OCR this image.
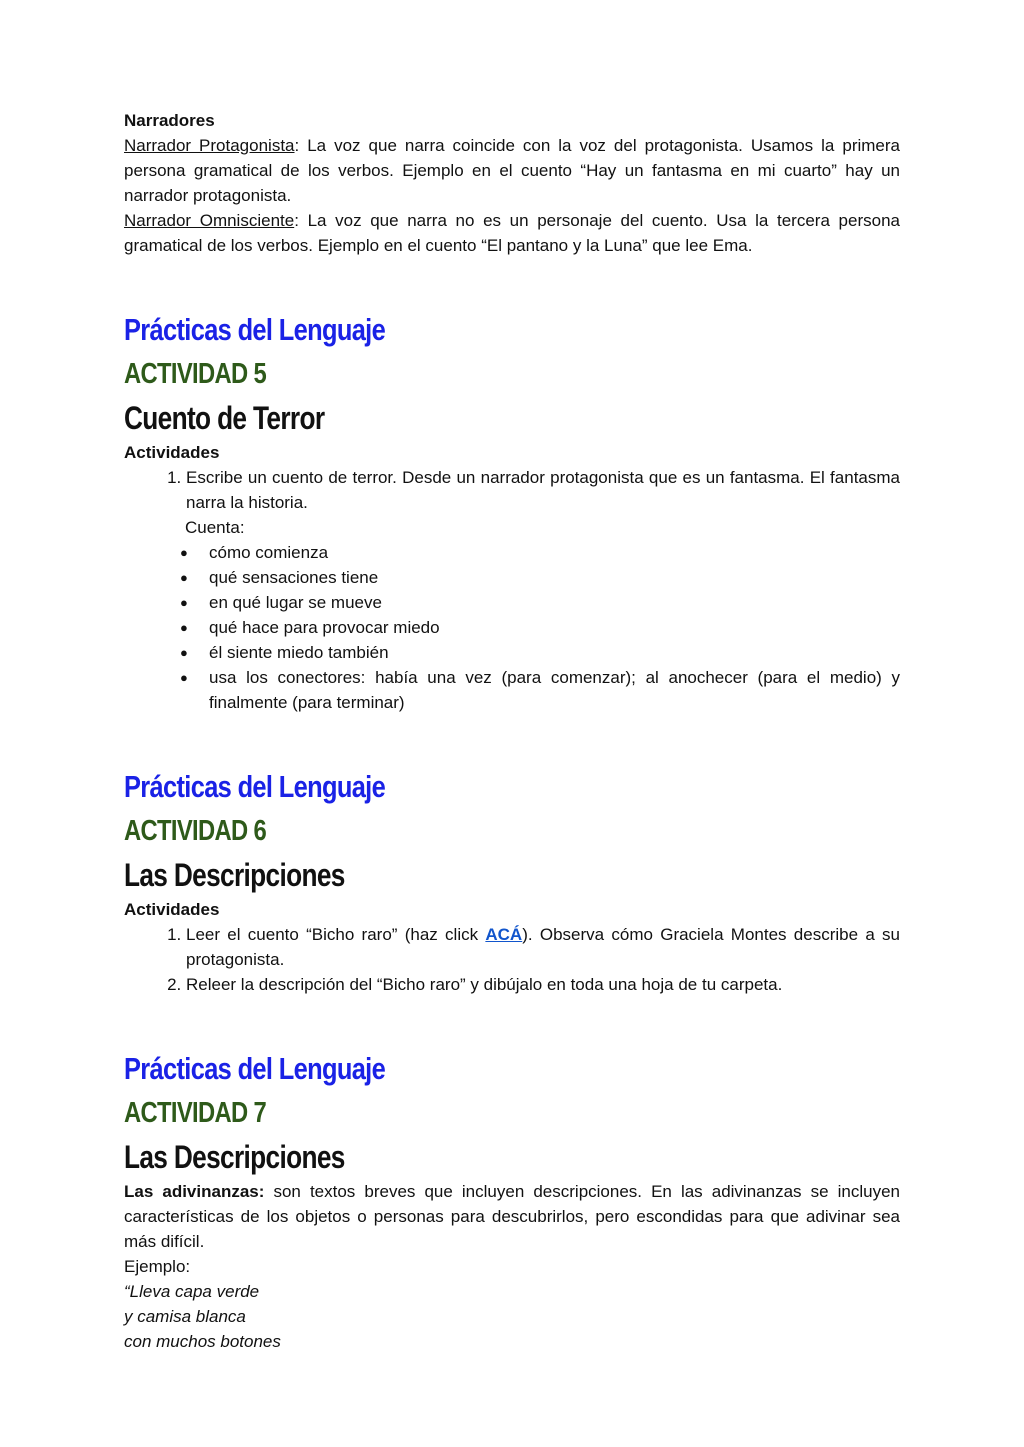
Narradores

Narrador Protagonista: La voz que narra coincide con la voz del protagonista. Usamos la primera persona gramatical de los verbos. Ejemplo en el cuento “Hay un fantasma en mi cuarto” hay un narrador protagonista.

Narrador Omnisciente: La voz que narra no es un personaje del cuento. Usa la tercera persona gramatical de los verbos. Ejemplo en el cuento “El pantano y la Luna” que lee Ema.

Prácticas del Lenguaje
ACTIVIDAD 5
Cuento de Terror

Actividades

1. Escribe un cuento de terror. Desde un narrador protagonista que es un fantasma. El fantasma narra la historia.

Cuenta:

● cómo comienza
● qué sensaciones tiene
● en qué lugar se mueve
● qué hace para provocar miedo
● él siente miedo también
● usa los conectores: había una vez (para comenzar); al anochecer (para el medio) y finalmente (para terminar)
Prácticas del Lenguaje
ACTIVIDAD 6
Las Descripciones

Actividades

1. Leer el cuento “Bicho raro” (haz click ACÁ). Observa cómo Graciela Montes describe a su protagonista.
2. Releer la descripción del “Bicho raro” y dibújalo en toda una hoja de tu carpeta.
Prácticas del Lenguaje
ACTIVIDAD 7
Las Descripciones

Las adivinanzas: son textos breves que incluyen descripciones. En las adivinanzas se incluyen características de los objetos o personas para descubrirlos, pero escondidas para que adivinar sea más difícil.

Ejemplo:

“Lleva capa verde

y camisa blanca

con muchos botones
